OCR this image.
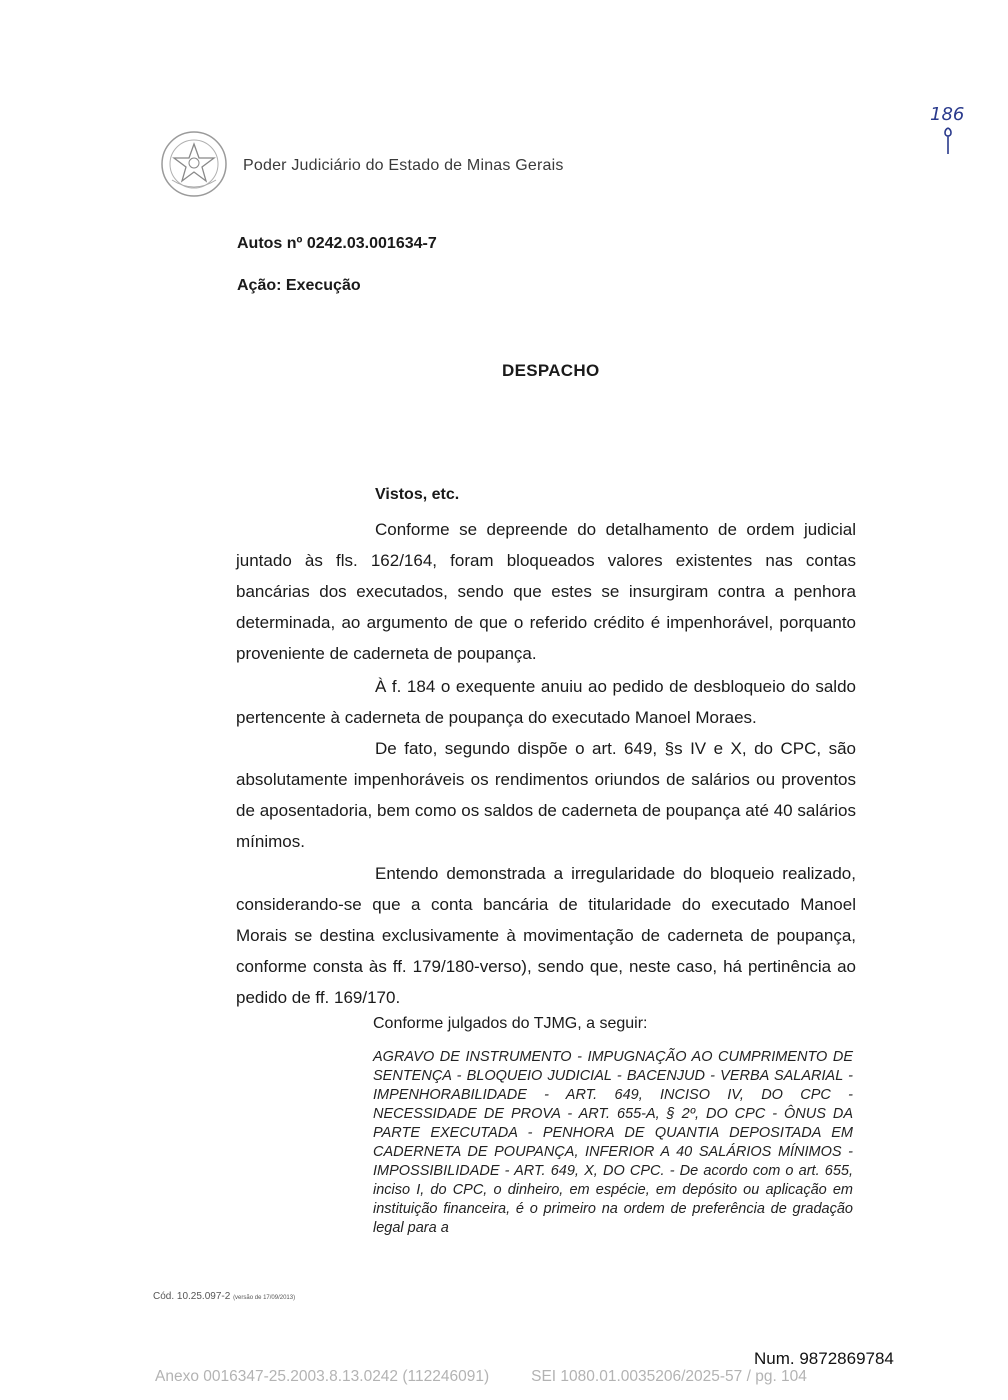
Poder Judiciário do Estado de Minas Gerais
186
Autos nº 0242.03.001634-7
Ação: Execução
DESPACHO
Vistos, etc.
Conforme se depreende do detalhamento de ordem judicial juntado às fls. 162/164, foram bloqueados valores existentes nas contas bancárias dos executados, sendo que estes se insurgiram contra a penhora determinada, ao argumento de que o referido crédito é impenhorável, porquanto proveniente de caderneta de poupança.
À f. 184 o exequente anuiu ao pedido de desbloqueio do saldo pertencente à caderneta de poupança do executado Manoel Moraes.
De fato, segundo dispõe o art. 649, §s IV e X, do CPC, são absolutamente impenhoráveis os rendimentos oriundos de salários ou proventos de aposentadoria, bem como os saldos de caderneta de poupança até 40 salários mínimos.
Entendo demonstrada a irregularidade do bloqueio realizado, considerando-se que a conta bancária de titularidade do executado Manoel Morais se destina exclusivamente à movimentação de caderneta de poupança, conforme consta às ff. 179/180-verso), sendo que, neste caso, há pertinência ao pedido de ff. 169/170.
Conforme julgados do TJMG, a seguir:
AGRAVO DE INSTRUMENTO - IMPUGNAÇÃO AO CUMPRIMENTO DE SENTENÇA - BLOQUEIO JUDICIAL - BACENJUD - VERBA SALARIAL - IMPENHORABILIDADE - ART. 649, INCISO IV, DO CPC - NECESSIDADE DE PROVA - ART. 655-A, § 2º, DO CPC - ÔNUS DA PARTE EXECUTADA - PENHORA DE QUANTIA DEPOSITADA EM CADERNETA DE POUPANÇA, INFERIOR A 40 SALÁRIOS MÍNIMOS - IMPOSSIBILIDADE - ART. 649, X, DO CPC. - De acordo com o art. 655, inciso I, do CPC, o dinheiro, em espécie, em depósito ou aplicação em instituição financeira, é o primeiro na ordem de preferência de gradação legal para a
Cód. 10.25.097-2 (versão de 17/09/2013)
Num. 9872869784
Anexo 0016347-25.2003.8.13.0242 (112246091)	SEI 1080.01.0035206/2025-57 / pg. 104
